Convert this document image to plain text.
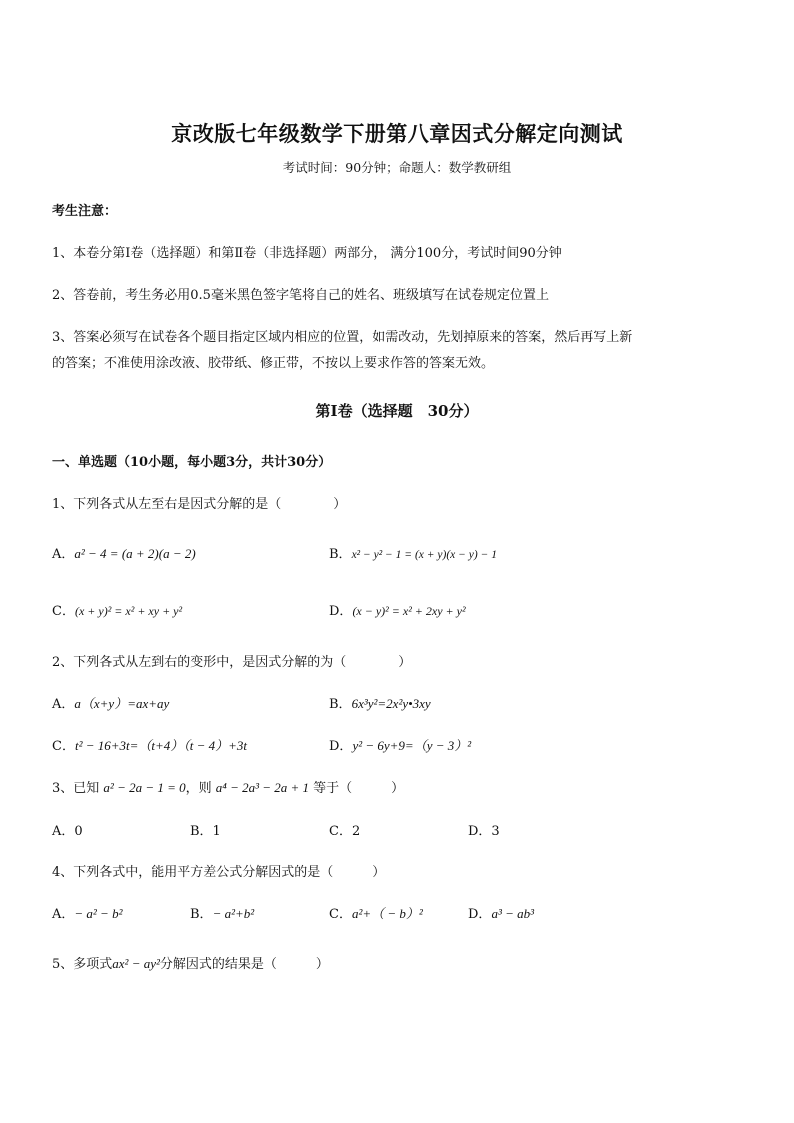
京改版七年级数学下册第八章因式分解定向测试
考试时间：90分钟；命题人：数学教研组
考生注意：
1、本卷分第Ⅰ卷（选择题）和第Ⅱ卷（非选择题）两部分， 满分100分，考试时间90分钟
2、答卷前，考生务必用0.5毫米黑色签字笔将自己的姓名、班级填写在试卷规定位置上
3、答案必须写在试卷各个题目指定区域内相应的位置，如需改动，先划掉原来的答案，然后再写上新
的答案；不准使用涂改液、胶带纸、修正带，不按以上要求作答的答案无效。
第Ⅰ卷（选择题　30分）
一、单选题（10小题，每小题3分，共计30分）
1、下列各式从左至右是因式分解的是（　　　　）
A．a² − 4 = (a + 2)(a − 2)	B．x² − y² − 1 = (x + y)(x − y) − 1
C．(x + y)² = x² + xy + y²	D．(x − y)² = x² + 2xy + y²
2、下列各式从左到右的变形中，是因式分解的为（　　　　）
A．a（x+y）=ax+ay	B．6x³y²=2x²y•3xy
C．t² − 16+3t=（t+4）（t − 4）+3t	D．y² − 6y+9=（y − 3）²
3、已知 a² − 2a − 1 = 0，则 a⁴ − 2a³ − 2a + 1 等于（　　　）
A．0	B．1	C．2	D．3
4、下列各式中，能用平方差公式分解因式的是（　　　）
A．− a² − b²	B．− a²+b²	C．a²+（ − b）²	D．a³ − ab³
5、多项式ax² − ay²分解因式的结果是（　　　）
